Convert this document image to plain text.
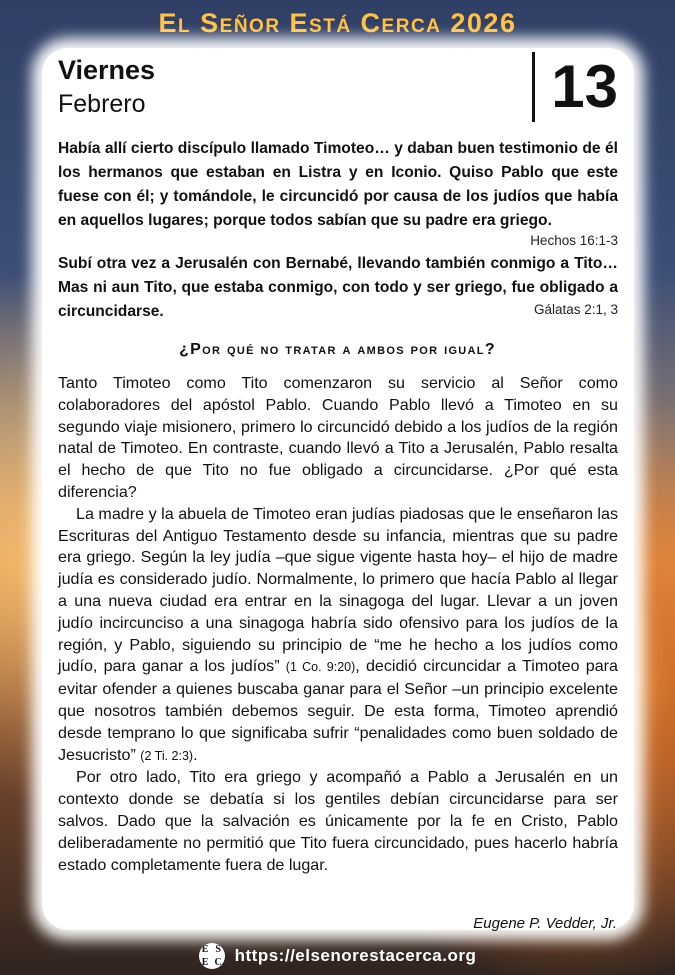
El Señor Está Cerca 2026
Viernes
Febrero	13
Había allí cierto discípulo llamado Timoteo… y daban buen testimonio de él los hermanos que estaban en Listra y en Iconio. Quiso Pablo que este fuese con él; y tomándole, le circuncidó por causa de los judíos que había en aquellos lugares; porque todos sabían que su padre era griego.
Hechos 16:1-3
Subí otra vez a Jerusalén con Bernabé, llevando también conmigo a Tito… Mas ni aun Tito, que estaba conmigo, con todo y ser griego, fue obligado a circuncidarse.	Gálatas 2:1, 3
¿Por qué no tratar a ambos por igual?

Tanto Timoteo como Tito comenzaron su servicio al Señor como colaboradores del apóstol Pablo. Cuando Pablo llevó a Timoteo en su segundo viaje misionero, primero lo circuncidó debido a los judíos de la región natal de Timoteo. En contraste, cuando llevó a Tito a Jerusalén, Pablo resalta el hecho de que Tito no fue obligado a circuncidarse. ¿Por qué esta diferencia?

La madre y la abuela de Timoteo eran judías piadosas que le enseñaron las Escrituras del Antiguo Testamento desde su infancia, mientras que su padre era griego. Según la ley judía –que sigue vigente hasta hoy– el hijo de madre judía es considerado judío. Normalmente, lo primero que hacía Pablo al llegar a una nueva ciudad era entrar en la sinagoga del lugar. Llevar a un joven judío incircunciso a una sinagoga habría sido ofensivo para los judíos de la región, y Pablo, siguiendo su principio de “me he hecho a los judíos como judío, para ganar a los judíos” (1 Co. 9:20), decidió circuncidar a Timoteo para evitar ofender a quienes buscaba ganar para el Señor –un principio excelente que nosotros también debemos seguir. De esta forma, Timoteo aprendió desde temprano lo que significaba sufrir “penalidades como buen soldado de Jesucristo” (2 Ti. 2:3).

Por otro lado, Tito era griego y acompañó a Pablo a Jerusalén en un contexto donde se debatía si los gentiles debían circuncidarse para ser salvos. Dado que la salvación es únicamente por la fe en Cristo, Pablo deliberadamente no permitió que Tito fuera circuncidado, pues hacerlo habría estado completamente fuera de lugar.

Eugene P. Vedder, Jr.
E S
E C https://elsenorestacerca.org
